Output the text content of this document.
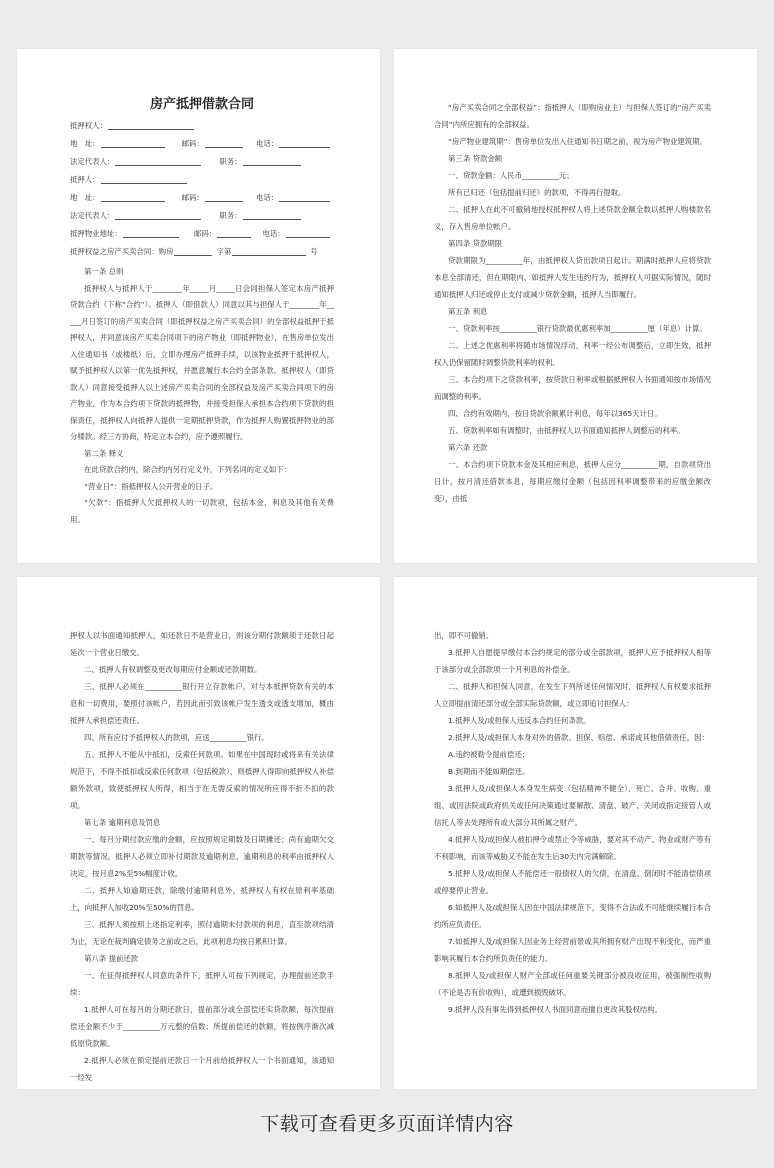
房产抵押借款合同
抵押权人：
地　址：	邮码：	电话：
法定代表人：	职务：
抵押人：
地　址：	邮码：	电话：
法定代表人：	职务：
抵押物业地址：	邮码：	电话：
抵押权益之房产买卖合同：购房	字第	号

第一条 总则

抵押权人与抵押人于________年_____月_____日会同担保人签定本房产抵押贷款合约（下称“合约”）。抵押人（即借款人）同意以其与担保人于________年_____月日签订的房产买卖合同（即抵押权益之房产买卖合同）的全部权益抵押于抵押权人，并同意该房产买卖合同项下的房产物业（即抵押物业），在售房单位发出入住通知书（或楼纸）后，立即办理房产抵押手续，以该物业抵押于抵押权人，赋予抵押权人以第一优先抵押权，并愿意履行本合约全部条款。抵押权人（即贷款人）同意接受抵押人以上述房产买卖合同的全部权益及房产买卖合同项下的房产物业，作为本合约项下贷款的抵押物，并接受担保人承担本合约项下贷款的担保责任，抵押权人向抵押人提供一定期抵押贷款，作为抵押人购置抵押物业的部分楼款。经三方协商，特定立本合约，应予遵照履行。

第二条 释义

在此贷款合约内，除合约内另行定义外，下列名词的定义如下：

“营业日”：指抵押权人公开营业的日子。

“欠款”：指抵押人欠抵押权人的一切款项，包括本金，利息及其他有关费用。

“房产买卖合同之全部权益”：指抵押人（即购房业主）与担保人签订的“房产买卖合同”内所应拥有的全部权益。

“房产物业建筑期”：售房单位发出入住通知书日期之前，视为房产物业建筑期。

第三条 贷款金额

一、贷款金额：人民币__________元；

所有已归还（包括提前归还）的款项，不得再行提取。

二、抵押人在此不可撤销地授权抵押权人将上述贷款金额全数以抵押人购楼款名义，存入售房单位帐户。

第四条 贷款期限

贷款期限为__________年，由抵押权人贷出款项日起计。期满时抵押人应将贷款本息全部清还，但在期限内，如抵押人发生违约行为，抵押权人可据实际情况，随时通知抵押人归还或停止支付或减少贷款金额，抵押人当即履行。

第五条 利息

一、贷款利率按__________银行贷款最优惠利率加__________厘（年息）计算。

二、上述之优惠利率将随市场情况浮动，利率一经公布调整后，立即生效，抵押权人仍保留随时调整贷款利率的权利。

三、本合约项下之贷款利率，按贷款日利率或根据抵押权人书面通知按市场情况而调整的利率。

四、合约有效期内，按日贷款余额累计利息，每年以365天计日。

五、贷款利率如有调整时，由抵押权人以书面通知抵押人调整后的利率。

第六条 还款

一、本合约项下贷款本金及其相应利息，抵押人应分__________期，自款项贷出日计，按月清还借款本息，每期应缴付金额（包括因利率调整带来的应缴金额改变），由抵

押权人以书面通知抵押人，如还款日不是营业日，则该分期付款额须于还款日起延次一个营业日缴交。

二、抵押人有权调整及更改每期应付金额或还款期数。

三、抵押人必须在__________银行开立存款帐户，对与本抵押贷款有关的本息和一切费用，要照付该帐户，若因此而引致该帐户发生透支或透支增加，概由抵押人承担偿还责任。

四、所有应付予抵押权人的款项，应送__________银行。

五、抵押人不能从中抵扣，反索任何款项。如果在中国现时或将来有关法律规范下，不得不抵扣或反索任何款项（包括税款），则抵押人得即向抵押权人补偿额外款项，致使抵押权人所得，相当于在无需反索的情况所应得不折不扣的款项。

第七条 逾期利息及罚息

一、每月分期付款应缴的金额，应按照规定期数及日期摊还；尚有逾期欠交期款等情况，抵押人必须立即补付期款及逾期利息，逾期利息的利率由抵押权人决定，按月息2%至5%幅度计收。

二、抵押人如逾期还款，除缴付逾期利息外，抵押权人有权在原利率基础上，向抵押人加收20%至50%的罚息。

三、抵押人须按照上述指定利率，照付逾期未付款项的利息，直至款项结清为止，无论在裁判确定债务之前或之后，此项利息均按日累积计算。

第八条 提前还款

一、在征得抵押权人同意的条件下，抵押人可按下列规定，办理提前还款手续：

1.抵押人可在每月的分期还款日，提前部分或全部偿还实贷款额，每次提前偿还金额不少于__________万元整的倍数；所提前偿还的款额，将按例序渐次减低原贷款额。

2.抵押人必须在预定提前还款日一个月前给抵押权人一个书面通知，该通知一经发

出，即不可撤销。

3.抵押人自愿提早缴付本合约规定的部分或全部款项，抵押人应予抵押权人相等于该部分或全部款项一个月利息的补偿金。

二、抵押人和担保人同意，在发生下列所述任何情况时，抵押权人有权要求抵押人立即提前清还部分或全部实际贷款额，或立即追讨担保人：

1.抵押人及/或担保人违反本合约任何条款。

2.抵押人及/或担保人本身对外的借款、担保、赔偿、承诺或其他借债责任，因：

A.违约被勒令提前偿还；

B.到期而不能如期偿还。

3.抵押人及/或担保人本身发生病变（包括精神不健全）、死亡、合并、收购、重组、或因法院或政府机关或任何决策通过要解散、清盘、破产、关闭或指定接管人或信托人等去处理所有或大部分其所属之财产。

4.抵押人及/或担保人被扣押令或禁止令等威胁，要对其不动产、物业或财产等有不利影响，而该等威胁又不能在发生后30天内完满解除。

5.抵押人及/或担保人不能偿还一般债权人的欠债，在清盘、倒闭时不能清偿债项或停要停止营业。

6.如抵押人及/或担保人因在中国法律规范下，变得不合法或不可能继续履行本合约所应负责任。

7.如抵押人及/或担保人因业务上经营前景或其所拥有财产出现不利变化，而严重影响其履行本合约所负责任的能力。

8.抵押人及/或担保人财产全部或任何重要关键部分被没收征用，被强制性收购（不论是否有价收购），或遭到损毁破坏。

9.抵押人没有事先得到抵押权人书面同意而擅自更改其股权结构。

下载可查看更多页面详情内容
